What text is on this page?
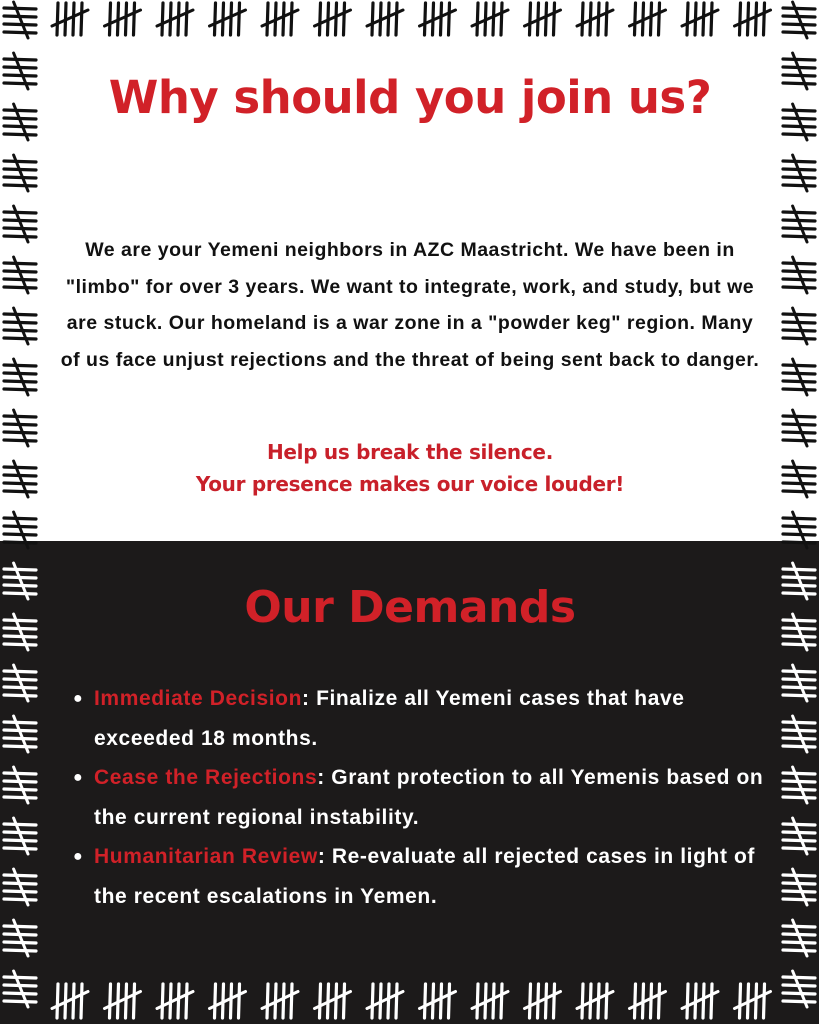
Why should you join us?
We are your Yemeni neighbors in AZC Maastricht. We have been in "limbo" for over 3 years. We want to integrate, work, and study, but we are stuck. Our homeland is a war zone in a "powder keg" region. Many of us face unjust rejections and the threat of being sent back to danger.
Help us break the silence.
Your presence makes our voice louder!
Our Demands
● Immediate Decision: Finalize all Yemeni cases that have exceeded 18 months.
● Cease the Rejections: Grant protection to all Yemenis based on the current regional instability.
● Humanitarian Review: Re-evaluate all rejected cases in light of the recent escalations in Yemen.
